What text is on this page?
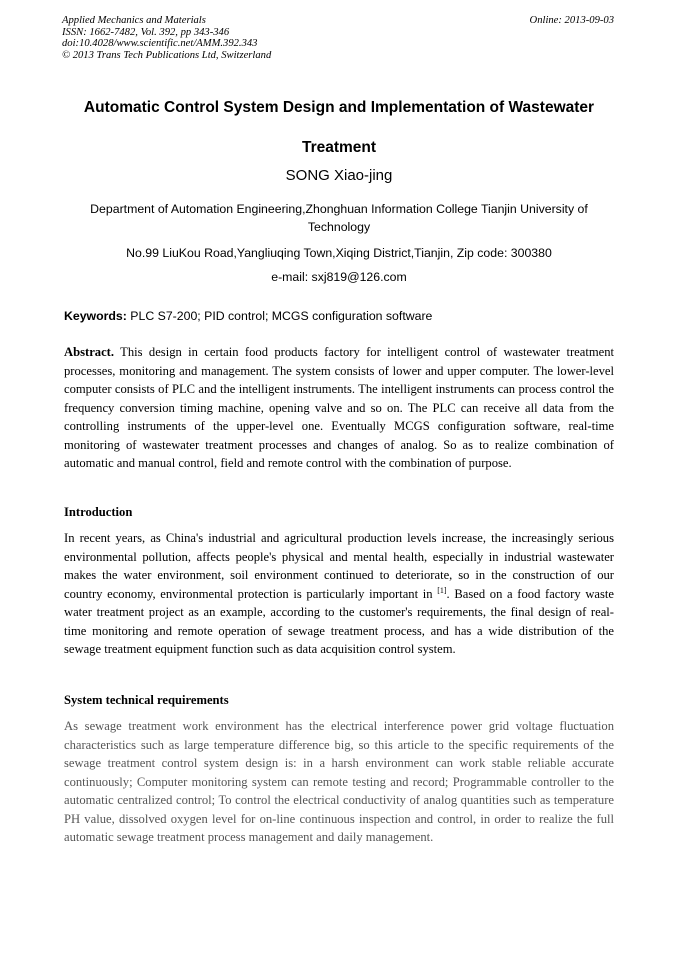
Applied Mechanics and Materials
ISSN: 1662-7482, Vol. 392, pp 343-346
doi:10.4028/www.scientific.net/AMM.392.343
© 2013 Trans Tech Publications Ltd, Switzerland
Online: 2013-09-03
Automatic Control System Design and Implementation of Wastewater Treatment
SONG Xiao-jing
Department of Automation Engineering,Zhonghuan Information College Tianjin University of Technology
No.99 LiuKou Road,Yangliuqing Town,Xiqing District,Tianjin, Zip code: 300380
e-mail: sxj819@126.com
Keywords: PLC S7-200; PID control; MCGS configuration software
Abstract. This design in certain food products factory for intelligent control of wastewater treatment processes, monitoring and management. The system consists of lower and upper computer. The lower-level computer consists of PLC and the intelligent instruments. The intelligent instruments can process control the frequency conversion timing machine, opening valve and so on. The PLC can receive all data from the controlling instruments of the upper-level one. Eventually MCGS configuration software, real-time monitoring of wastewater treatment processes and changes of analog. So as to realize combination of automatic and manual control, field and remote control with the combination of purpose.
Introduction
In recent years, as China's industrial and agricultural production levels increase, the increasingly serious environmental pollution, affects people's physical and mental health, especially in industrial wastewater makes the water environment, soil environment continued to deteriorate, so in the construction of our country economy, environmental protection is particularly important in [1]. Based on a food factory waste water treatment project as an example, according to the customer's requirements, the final design of real-time monitoring and remote operation of sewage treatment process, and has a wide distribution of the sewage treatment equipment function such as data acquisition control system.
System technical requirements
As sewage treatment work environment has the electrical interference power grid voltage fluctuation characteristics such as large temperature difference big, so this article to the specific requirements of the sewage treatment control system design is: in a harsh environment can work stable reliable accurate continuously; Computer monitoring system can remote testing and record; Programmable controller to the automatic centralized control; To control the electrical conductivity of analog quantities such as temperature PH value, dissolved oxygen level for on-line continuous inspection and control, in order to realize the full automatic sewage treatment process management and daily management.
